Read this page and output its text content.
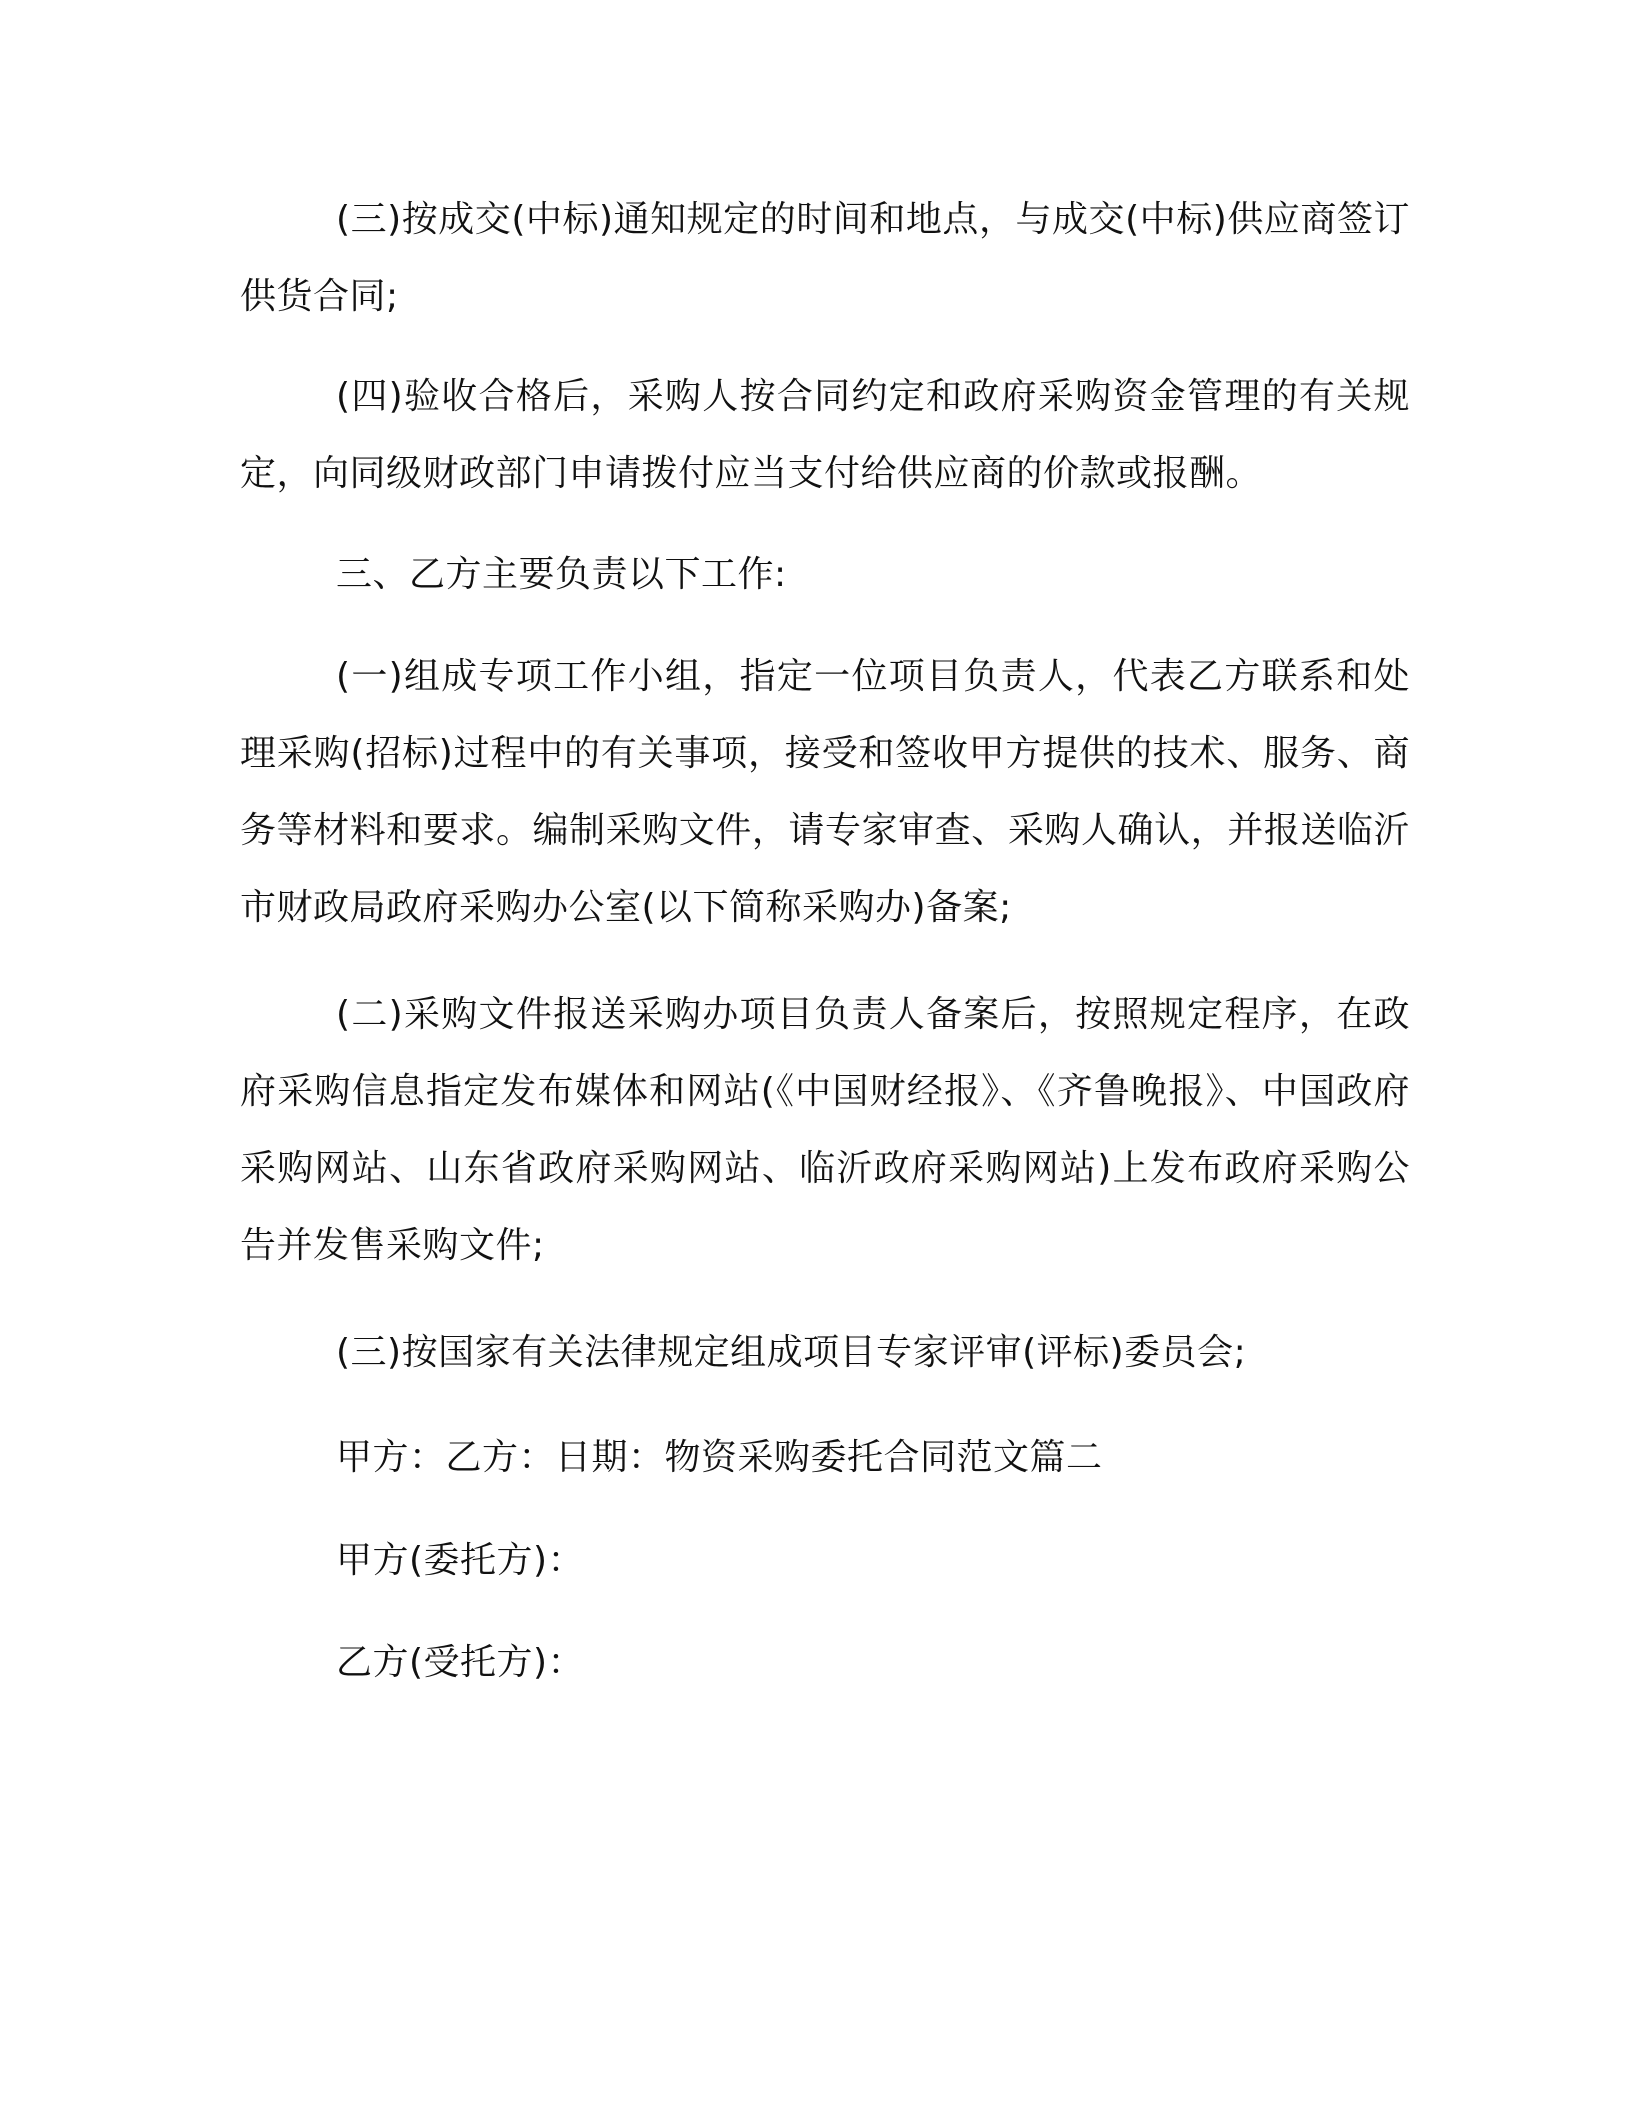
(三)按成交(中标)通知规定的时间和地点，与成交(中标)供应商签订供货合同;

(四)验收合格后，采购人按合同约定和政府采购资金管理的有关规定，向同级财政部门申请拨付应当支付给供应商的价款或报酬。

三、乙方主要负责以下工作:

(一)组成专项工作小组，指定一位项目负责人，代表乙方联系和处理采购(招标)过程中的有关事项，接受和签收甲方提供的技术、服务、商务等材料和要求。编制采购文件，请专家审查、采购人确认，并报送临沂市财政局政府采购办公室(以下简称采购办)备案;

(二)采购文件报送采购办项目负责人备案后，按照规定程序，在政府采购信息指定发布媒体和网站(《中国财经报》、《齐鲁晚报》、中国政府采购网站、山东省政府采购网站、临沂政府采购网站)上发布政府采购公告并发售采购文件;

(三)按国家有关法律规定组成项目专家评审(评标)委员会;

甲方：乙方：日期：物资采购委托合同范文篇二

甲方(委托方)：

乙方(受托方)：
